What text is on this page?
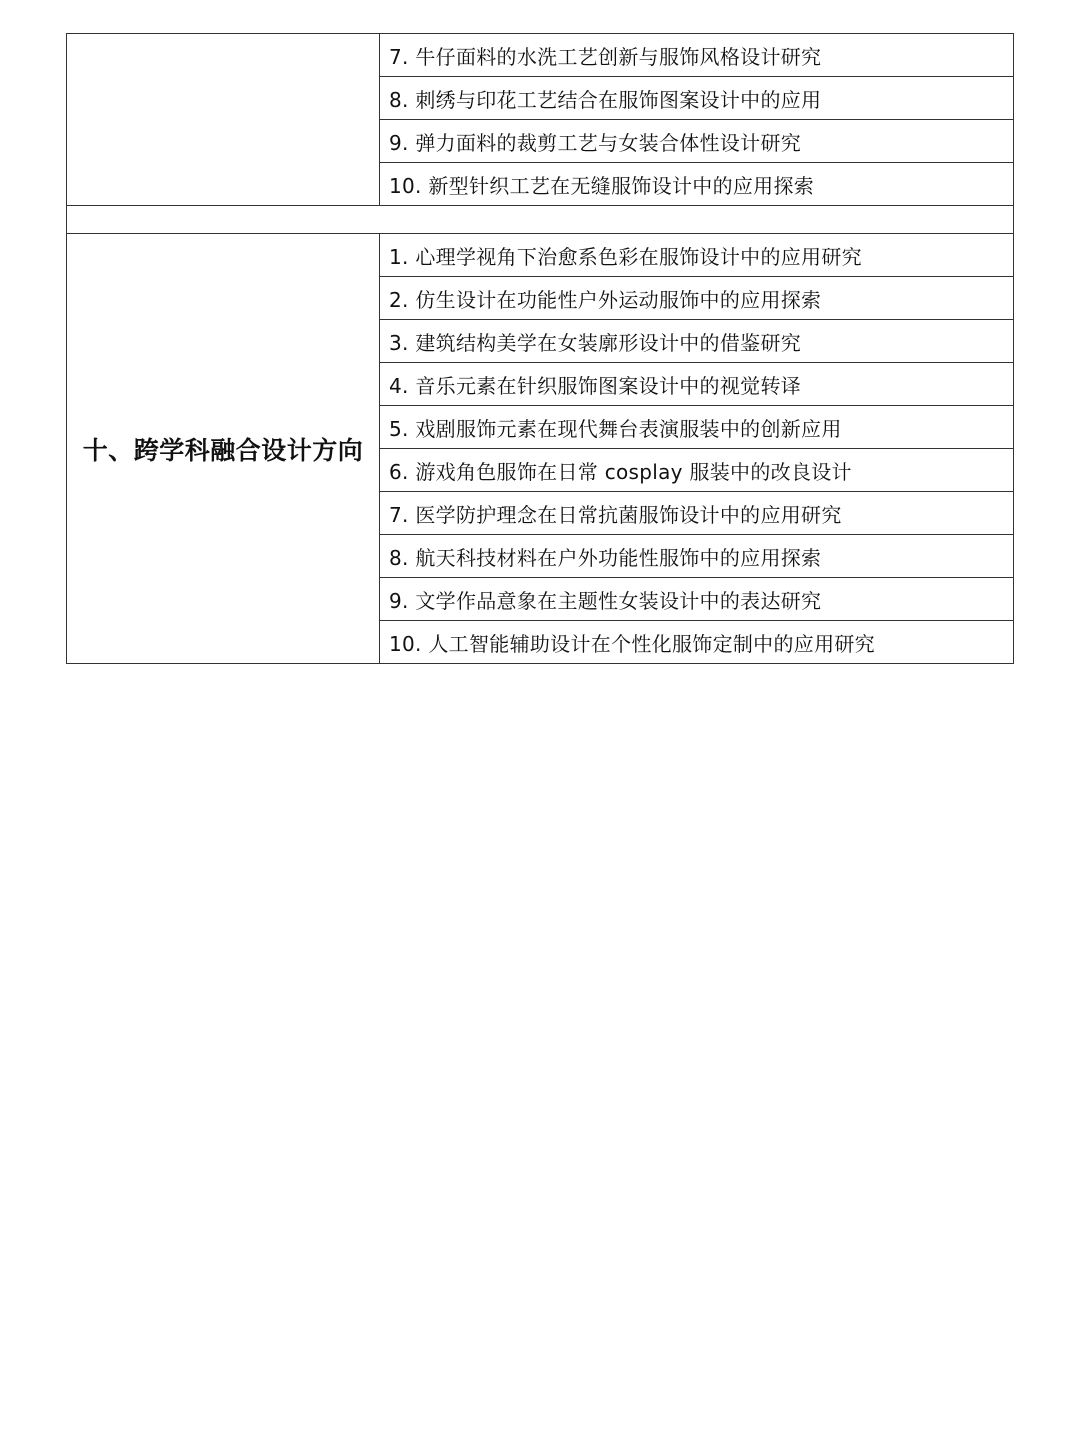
	7. 牛仔面料的水洗工艺创新与服饰风格设计研究
	8. 刺绣与印花工艺结合在服饰图案设计中的应用
	9. 弹力面料的裁剪工艺与女装合体性设计研究
	10. 新型针织工艺在无缝服饰设计中的应用探索

十、跨学科融合设计方向	1. 心理学视角下治愈系色彩在服饰设计中的应用研究
	2. 仿生设计在功能性户外运动服饰中的应用探索
	3. 建筑结构美学在女装廓形设计中的借鉴研究
	4. 音乐元素在针织服饰图案设计中的视觉转译
	5. 戏剧服饰元素在现代舞台表演服装中的创新应用
	6. 游戏角色服饰在日常 cosplay 服装中的改良设计
	7. 医学防护理念在日常抗菌服饰设计中的应用研究
	8. 航天科技材料在户外功能性服饰中的应用探索
	9. 文学作品意象在主题性女装设计中的表达研究
	10. 人工智能辅助设计在个性化服饰定制中的应用研究
